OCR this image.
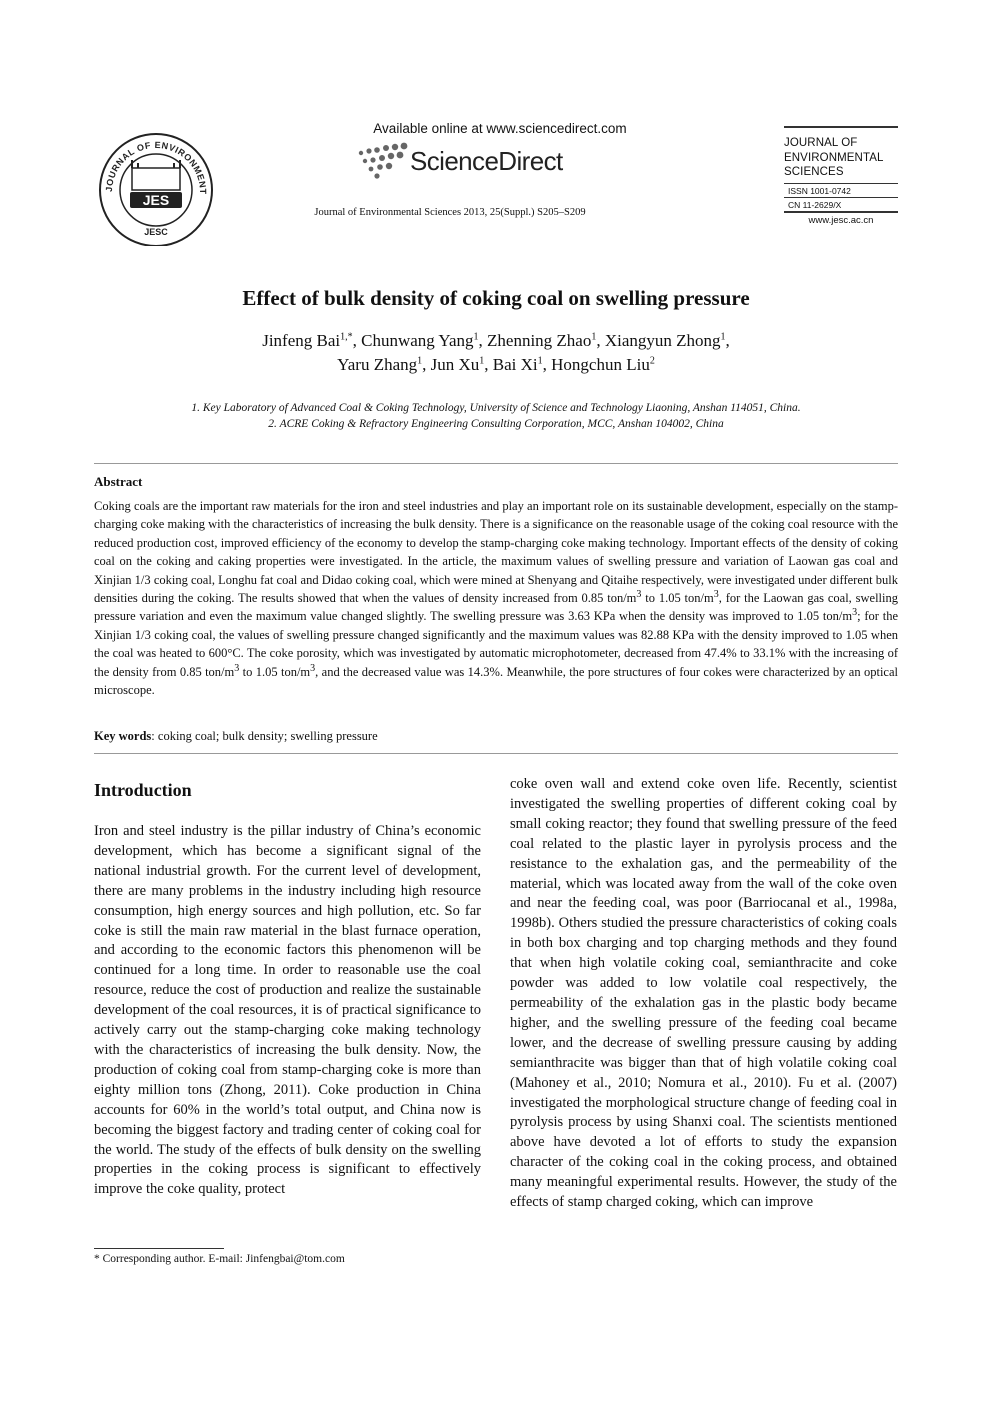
JOURNAL OF ENVIRONMENT
JES
JESC
Available online at www.sciencedirect.com
ScienceDirect
Journal of Environmental Sciences 2013, 25(Suppl.) S205–S209
JOURNAL OF
ENVIRONMENTAL
SCIENCES
ISSN 1001-0742
CN 11-2629/X
www.jesc.ac.cn
Effect of bulk density of coking coal on swelling pressure
Jinfeng Bai$^{1,*}$, Chunwang Yang$^1$, Zhenning Zhao$^1$, Xiangyun Zhong$^1$,
Yaru Zhang$^1$, Jun Xu$^1$, Bai Xi$^1$, Hongchun Liu$^2$
1. Key Laboratory of Advanced Coal & Coking Technology, University of Science and Technology Liaoning, Anshan 114051, China.
2. ACRE Coking & Refractory Engineering Consulting Corporation, MCC, Anshan 104002, China
Abstract
Coking coals are the important raw materials for the iron and steel industries and play an important role on its sustainable development, especially on the stamp-charging coke making with the characteristics of increasing the bulk density. There is a significance on the reasonable usage of the coking coal resource with the reduced production cost, improved efficiency of the economy to develop the stamp-charging coke making technology. Important effects of the density of coking coal on the coking and caking properties were investigated. In the article, the maximum values of swelling pressure and variation of Laowan gas coal and Xinjian 1/3 coking coal, Longhu fat coal and Didao coking coal, which were mined at Shenyang and Qitaihe respectively, were investigated under different bulk densities during the coking. The results showed that when the values of density increased from 0.85 ton/$m^3$ to 1.05 ton/$m^3$, for the Laowan gas coal, swelling pressure variation and even the maximum value changed slightly. The swelling pressure was 3.63 KPa when the density was improved to 1.05 ton/$m^3$; for the Xinjian 1/3 coking coal, the values of swelling pressure changed significantly and the maximum values was 82.88 KPa with the density improved to 1.05 when the coal was heated to 600°C. The coke porosity, which was investigated by automatic microphotometer, decreased from 47.4% to 33.1% with the increasing of the density from 0.85 ton/$m^3$ to 1.05 ton/$m^3$, and the decreased value was 14.3%. Meanwhile, the pore structures of four cokes were characterized by an optical microscope.
Key words: coking coal; bulk density; swelling pressure
Introduction
Iron and steel industry is the pillar industry of China’s economic development, which has become a significant signal of the national industrial growth. For the current level of development, there are many problems in the industry including high resource consumption, high energy sources and high pollution, etc. So far coke is still the main raw material in the blast furnace operation, and according to the economic factors this phenomenon will be continued for a long time. In order to reasonable use the coal resource, reduce the cost of production and realize the sustainable development of the coal resources, it is of practical significance to actively carry out the stamp-charging coke making technology with the characteristics of increasing the bulk density. Now, the production of coking coal from stamp-charging coke is more than eighty million tons (Zhong, 2011). Coke production in China accounts for 60% in the world’s total output, and China now is becoming the biggest factory and trading center of coking coal for the world. The study of the effects of bulk density on the swelling properties in the coking process is significant to effectively improve the coke quality, protect
coke oven wall and extend coke oven life. Recently, scientist investigated the swelling properties of different coking coal by small coking reactor; they found that swelling pressure of the feed coal related to the plastic layer in pyrolysis process and the resistance to the exhalation gas, and the permeability of the material, which was located away from the wall of the coke oven and near the feeding coal, was poor (Barriocanal et al., 1998a, 1998b). Others studied the pressure characteristics of coking coals in both box charging and top charging methods and they found that when high volatile coking coal, semianthracite and coke powder was added to low volatile coal respectively, the permeability of the exhalation gas in the plastic body became higher, and the swelling pressure of the feeding coal became lower, and the decrease of swelling pressure causing by adding semianthracite was bigger than that of high volatile coking coal (Mahoney et al., 2010; Nomura et al., 2010). Fu et al. (2007) investigated the morphological structure change of feeding coal in pyrolysis process by using Shanxi coal. The scientists mentioned above have devoted a lot of efforts to study the expansion character of the coking coal in the coking process, and obtained many meaningful experimental results. However, the study of the effects of stamp charged coking, which can improve
* Corresponding author. E-mail: Jinfengbai@tom.com
